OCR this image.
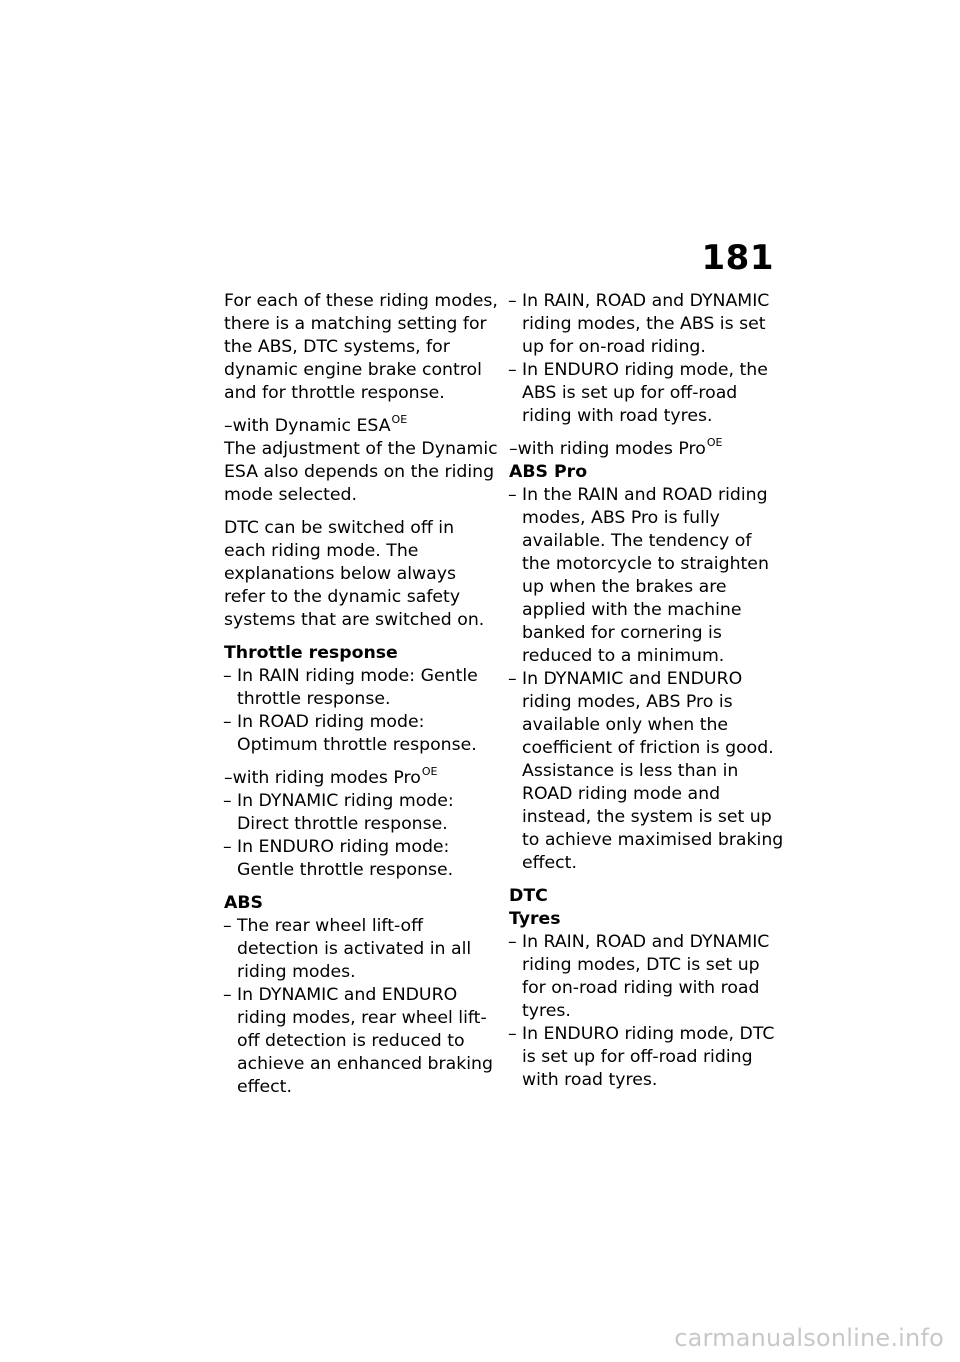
181

For each of these riding modes, there is a matching setting for the ABS, DTC systems, for dynamic engine brake control and for throttle response.

–with Dynamic $ESA^{OE}$

The adjustment of the Dynamic ESA also depends on the riding mode selected.

DTC can be switched off in each riding mode. The explanations below always refer to the dynamic safety systems that are switched on.

Throttle response
– In RAIN riding mode: Gentle throttle response.
– In ROAD riding mode: Optimum throttle response.
–with riding modes Pro$^{OE}$
– In DYNAMIC riding mode: Direct throttle response.
– In ENDURO riding mode: Gentle throttle response.
ABS
– The rear wheel lift-off detection is activated in all riding modes.
– In DYNAMIC and ENDURO riding modes, rear wheel lift-off detection is reduced to achieve an enhanced braking effect.
– In RAIN, ROAD and DYNAMIC riding modes, the ABS is set up for on-road riding.
– In ENDURO riding mode, the ABS is set up for off-road riding with road tyres.
–with riding modes Pro$^{OE}$
ABS Pro
– In the RAIN and ROAD riding modes, ABS Pro is fully available. The tendency of the motorcycle to straighten up when the brakes are applied with the machine banked for cornering is reduced to a minimum.
– In DYNAMIC and ENDURO riding modes, ABS Pro is available only when the coefficient of friction is good. Assistance is less than in ROAD riding mode and instead, the system is set up to achieve maximised braking effect.
DTC
Tyres
– In RAIN, ROAD and DYNAMIC riding modes, DTC is set up for on-road riding with road tyres.
– In ENDURO riding mode, DTC is set up for off-road riding with road tyres.
carmanualsonline.info
